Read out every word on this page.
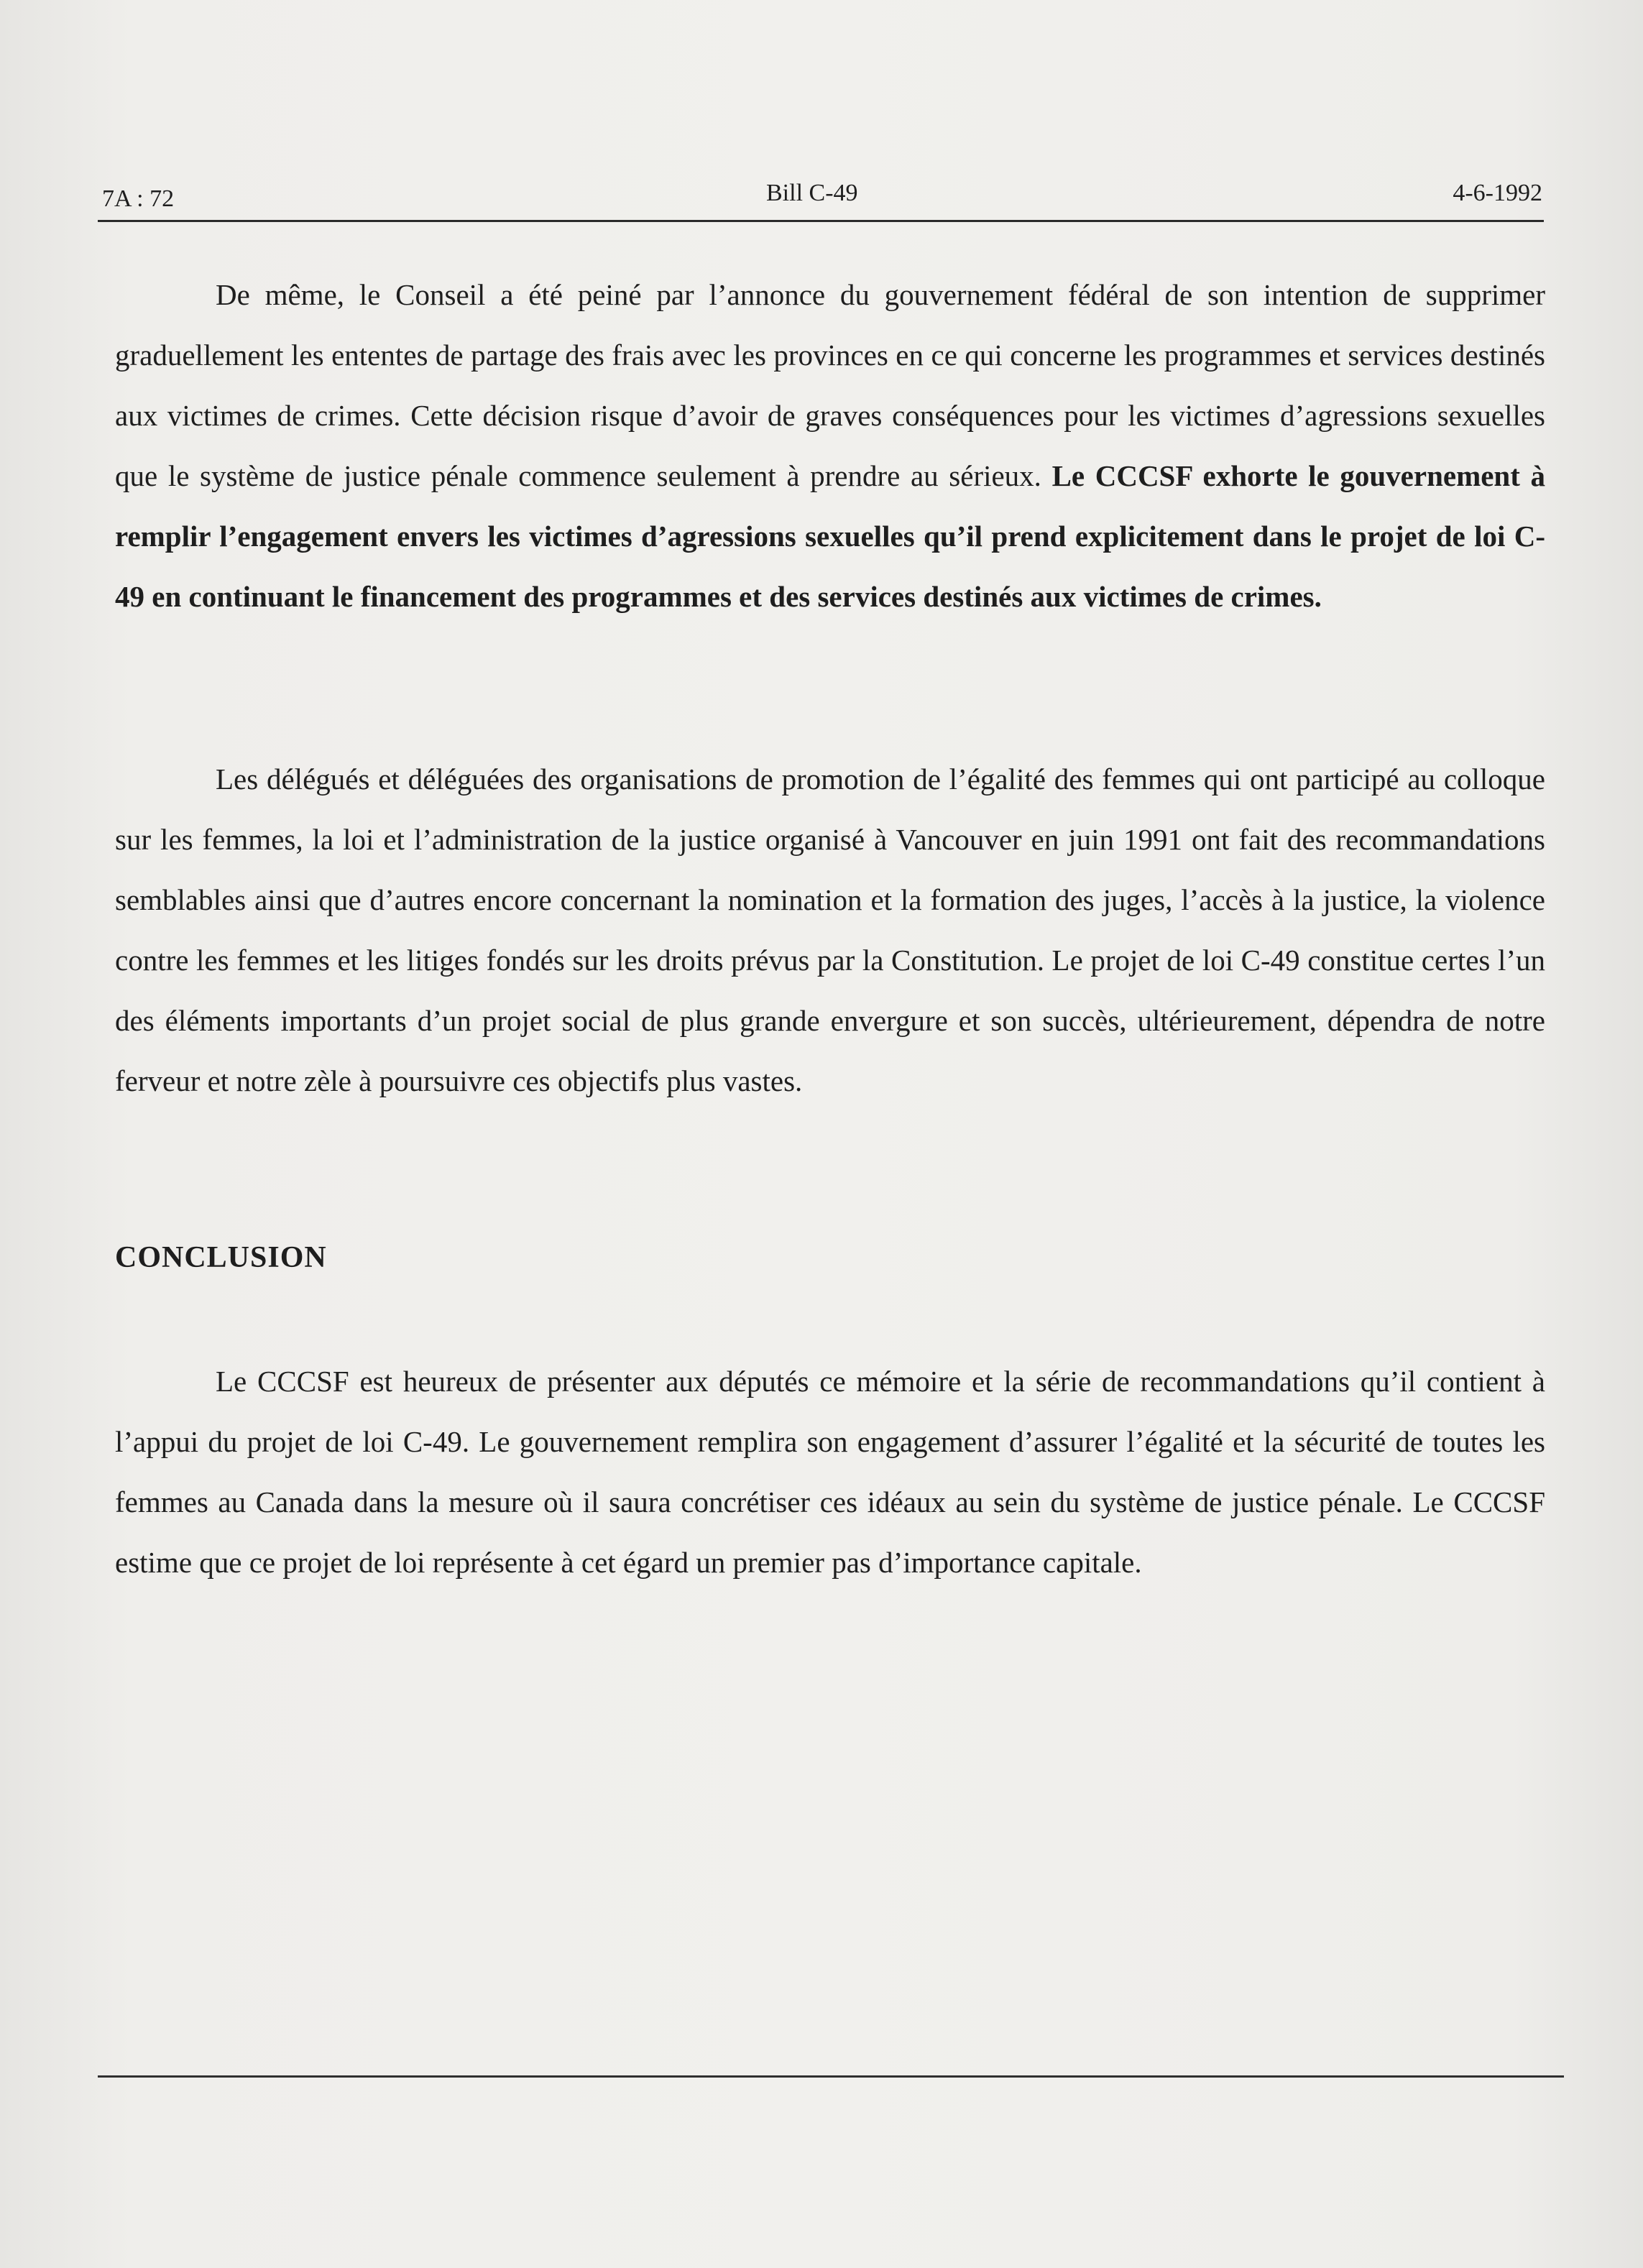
7A : 72	Bill C-49	4-6-1992

De même, le Conseil a été peiné par l’annonce du gouvernement fédéral de son intention de supprimer graduellement les ententes de partage des frais avec les provinces en ce qui concerne les programmes et services destinés aux victimes de crimes. Cette décision risque d’avoir de graves conséquences pour les victimes d’agressions sexuelles que le système de justice pénale commence seulement à prendre au sérieux. Le CCCSF exhorte le gouvernement à remplir l’engagement envers les victimes d’agressions sexuelles qu’il prend explicitement dans le projet de loi C-49 en continuant le financement des programmes et des services destinés aux victimes de crimes.

Les délégués et déléguées des organisations de promotion de l’égalité des femmes qui ont participé au colloque sur les femmes, la loi et l’administration de la justice organisé à Vancouver en juin 1991 ont fait des recommandations semblables ainsi que d’autres encore concernant la nomination et la formation des juges, l’accès à la justice, la violence contre les femmes et les litiges fondés sur les droits prévus par la Constitution. Le projet de loi C-49 constitue certes l’un des éléments importants d’un projet social de plus grande envergure et son succès, ultérieurement, dépendra de notre ferveur et notre zèle à poursuivre ces objectifs plus vastes.

CONCLUSION

Le CCCSF est heureux de présenter aux députés ce mémoire et la série de recommandations qu’il contient à l’appui du projet de loi C-49. Le gouvernement remplira son engagement d’assurer l’égalité et la sécurité de toutes les femmes au Canada dans la mesure où il saura concrétiser ces idéaux au sein du système de justice pénale. Le CCCSF estime que ce projet de loi représente à cet égard un premier pas d’importance capitale.
